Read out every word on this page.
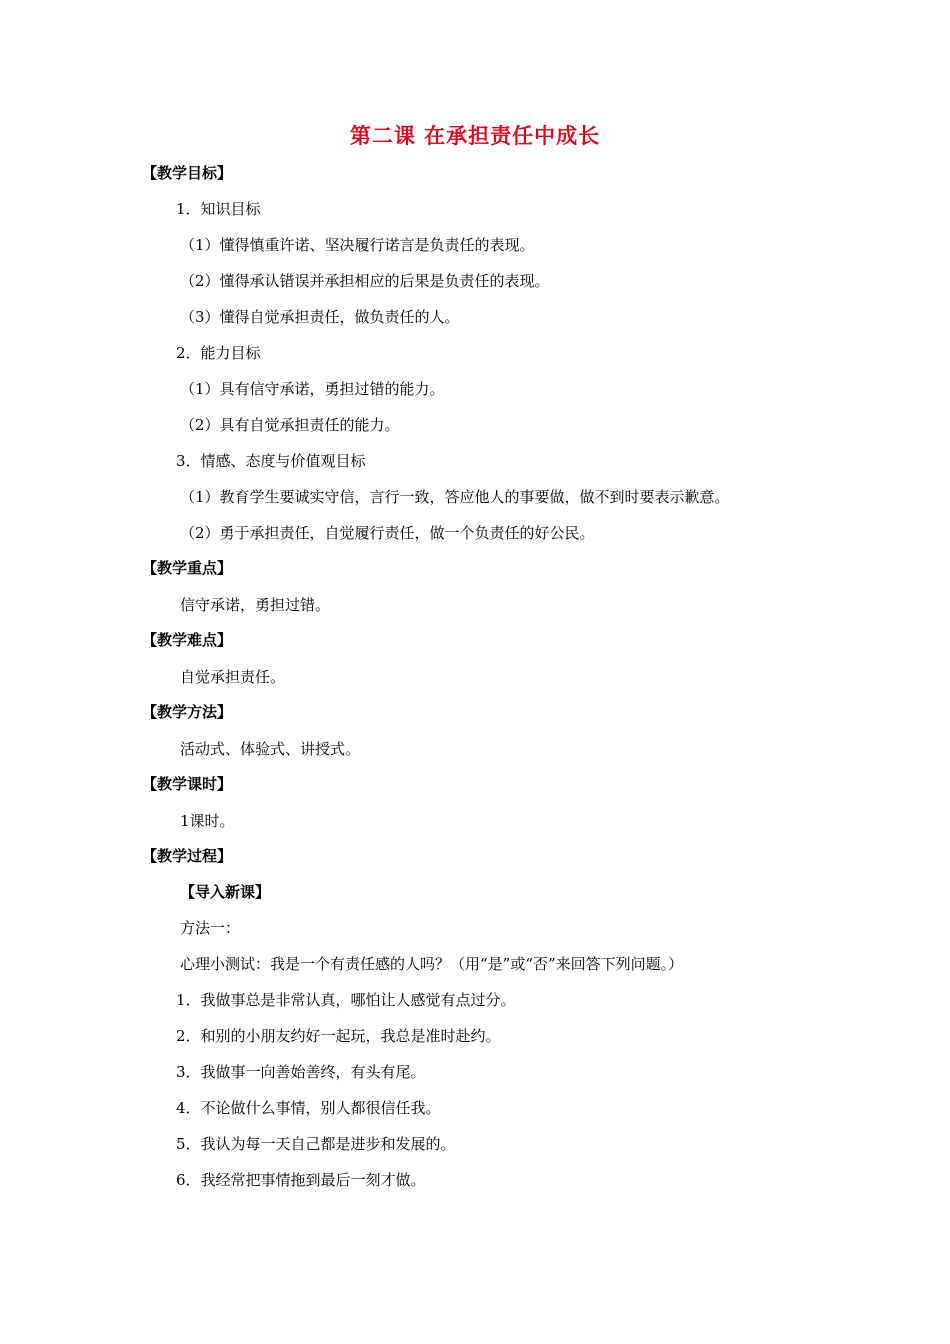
第二课 在承担责任中成长
【教学目标】
1．知识目标
（1）懂得慎重许诺、坚决履行诺言是负责任的表现。
（2）懂得承认错误并承担相应的后果是负责任的表现。
（3）懂得自觉承担责任，做负责任的人。
2．能力目标
（1）具有信守承诺，勇担过错的能力。
（2）具有自觉承担责任的能力。
3．情感、态度与价值观目标
（1）教育学生要诚实守信，言行一致，答应他人的事要做，做不到时要表示歉意。
（2）勇于承担责任，自觉履行责任，做一个负责任的好公民。
【教学重点】
信守承诺，勇担过错。
【教学难点】
自觉承担责任。
【教学方法】
活动式、体验式、讲授式。
【教学课时】
1课时。
【教学过程】
【导入新课】
方法一：
心理小测试：我是一个有责任感的人吗？（用“是”或“否”来回答下列问题。）
1．我做事总是非常认真，哪怕让人感觉有点过分。
2．和别的小朋友约好一起玩，我总是准时赴约。
3．我做事一向善始善终，有头有尾。
4．不论做什么事情，别人都很信任我。
5．我认为每一天自己都是进步和发展的。
6．我经常把事情拖到最后一刻才做。
